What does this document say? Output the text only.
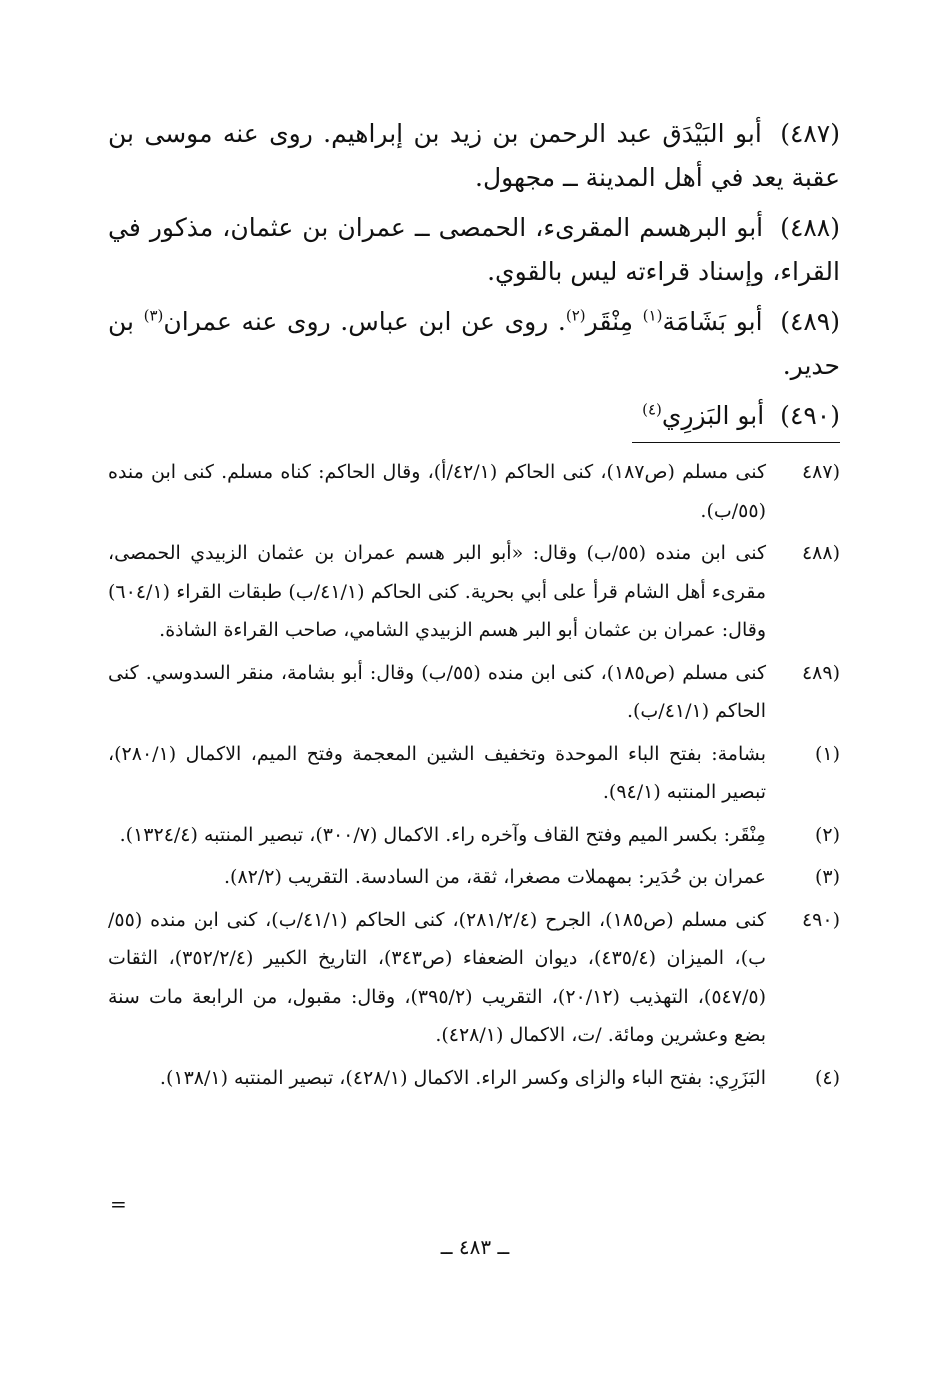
(٤٨٧) أبو البَيْدَق عبد الرحمن بن زيد بن إبراهيم. روى عنه موسى بن عقبة يعد في أهل المدينة ــ مجهول.

(٤٨٨) أبو البرهسم المقرىء، الحمصى ــ عمران بن عثمان، مذكور في القراء، وإسناد قراءته ليس بالقوي.

(٤٨٩) أبو بَشَامَة$^{(١)}$ مِنْقَر$^{(٢)}$. روى عن ابن عباس. روى عنه عمران$^{(٣)}$ بن حدير.

(٤٩٠) أبو البَزرِي$^{(٤)}$

(٤٨٧
كنى مسلم (ص١٨٧)، كنى الحاكم (٤٢/١/أ)، وقال الحاكم: كناه مسلم. كنى ابن منده (٥٥/ب).
(٤٨٨
كنى ابن منده (٥٥/ب) وقال: «أبو البر هسم عمران بن عثمان الزبيدي الحمصى، مقرىء أهل الشام قرأ على أبي بحرية. كنى الحاكم (٤١/١/ب) طبقات القراء (٦٠٤/١) وقال: عمران بن عثمان أبو البر هسم الزبيدي الشامي، صاحب القراءة الشاذة.
(٤٨٩
كنى مسلم (ص١٨٥)، كنى ابن منده (٥٥/ب) وقال: أبو بشامة، منقر السدوسي. كنى الحاكم (٤١/١/ب).
(١)
بشامة: بفتح الباء الموحدة وتخفيف الشين المعجمة وفتح الميم، الاكمال (٢٨٠/١)، تبصير المنتبه (٩٤/١).
(٢)
مِنْقَر: بكسر الميم وفتح القاف وآخره راء. الاكمال (٣٠٠/٧)، تبصير المنتبه (١٣٢٤/٤).
(٣)
عمران بن حُدَير: بمهملات مصغرا، ثقة، من السادسة. التقريب (٨٢/٢).
(٤٩٠
كنى مسلم (ص١٨٥)، الجرح (٢٨١/٢/٤)، كنى الحاكم (٤١/١/ب)، كنى ابن منده (٥٥/ب)، الميزان (٤٣٥/٤)، ديوان الضعفاء (ص٣٤٣)، التاريخ الكبير (٣٥٢/٢/٤)، الثقات (٥٤٧/٥)، التهذيب (٢٠/١٢)، التقريب (٣٩٥/٢)، وقال: مقبول، من الرابعة مات سنة بضع وعشرين ومائة. /ت، الاكمال (٤٢٨/١).
(٤)
البَزَرِي: بفتح الباء والزاى وكسر الراء. الاكمال (٤٢٨/١)، تبصير المنتبه (١٣٨/١).
=
ــ ٤٨٣ ــ
